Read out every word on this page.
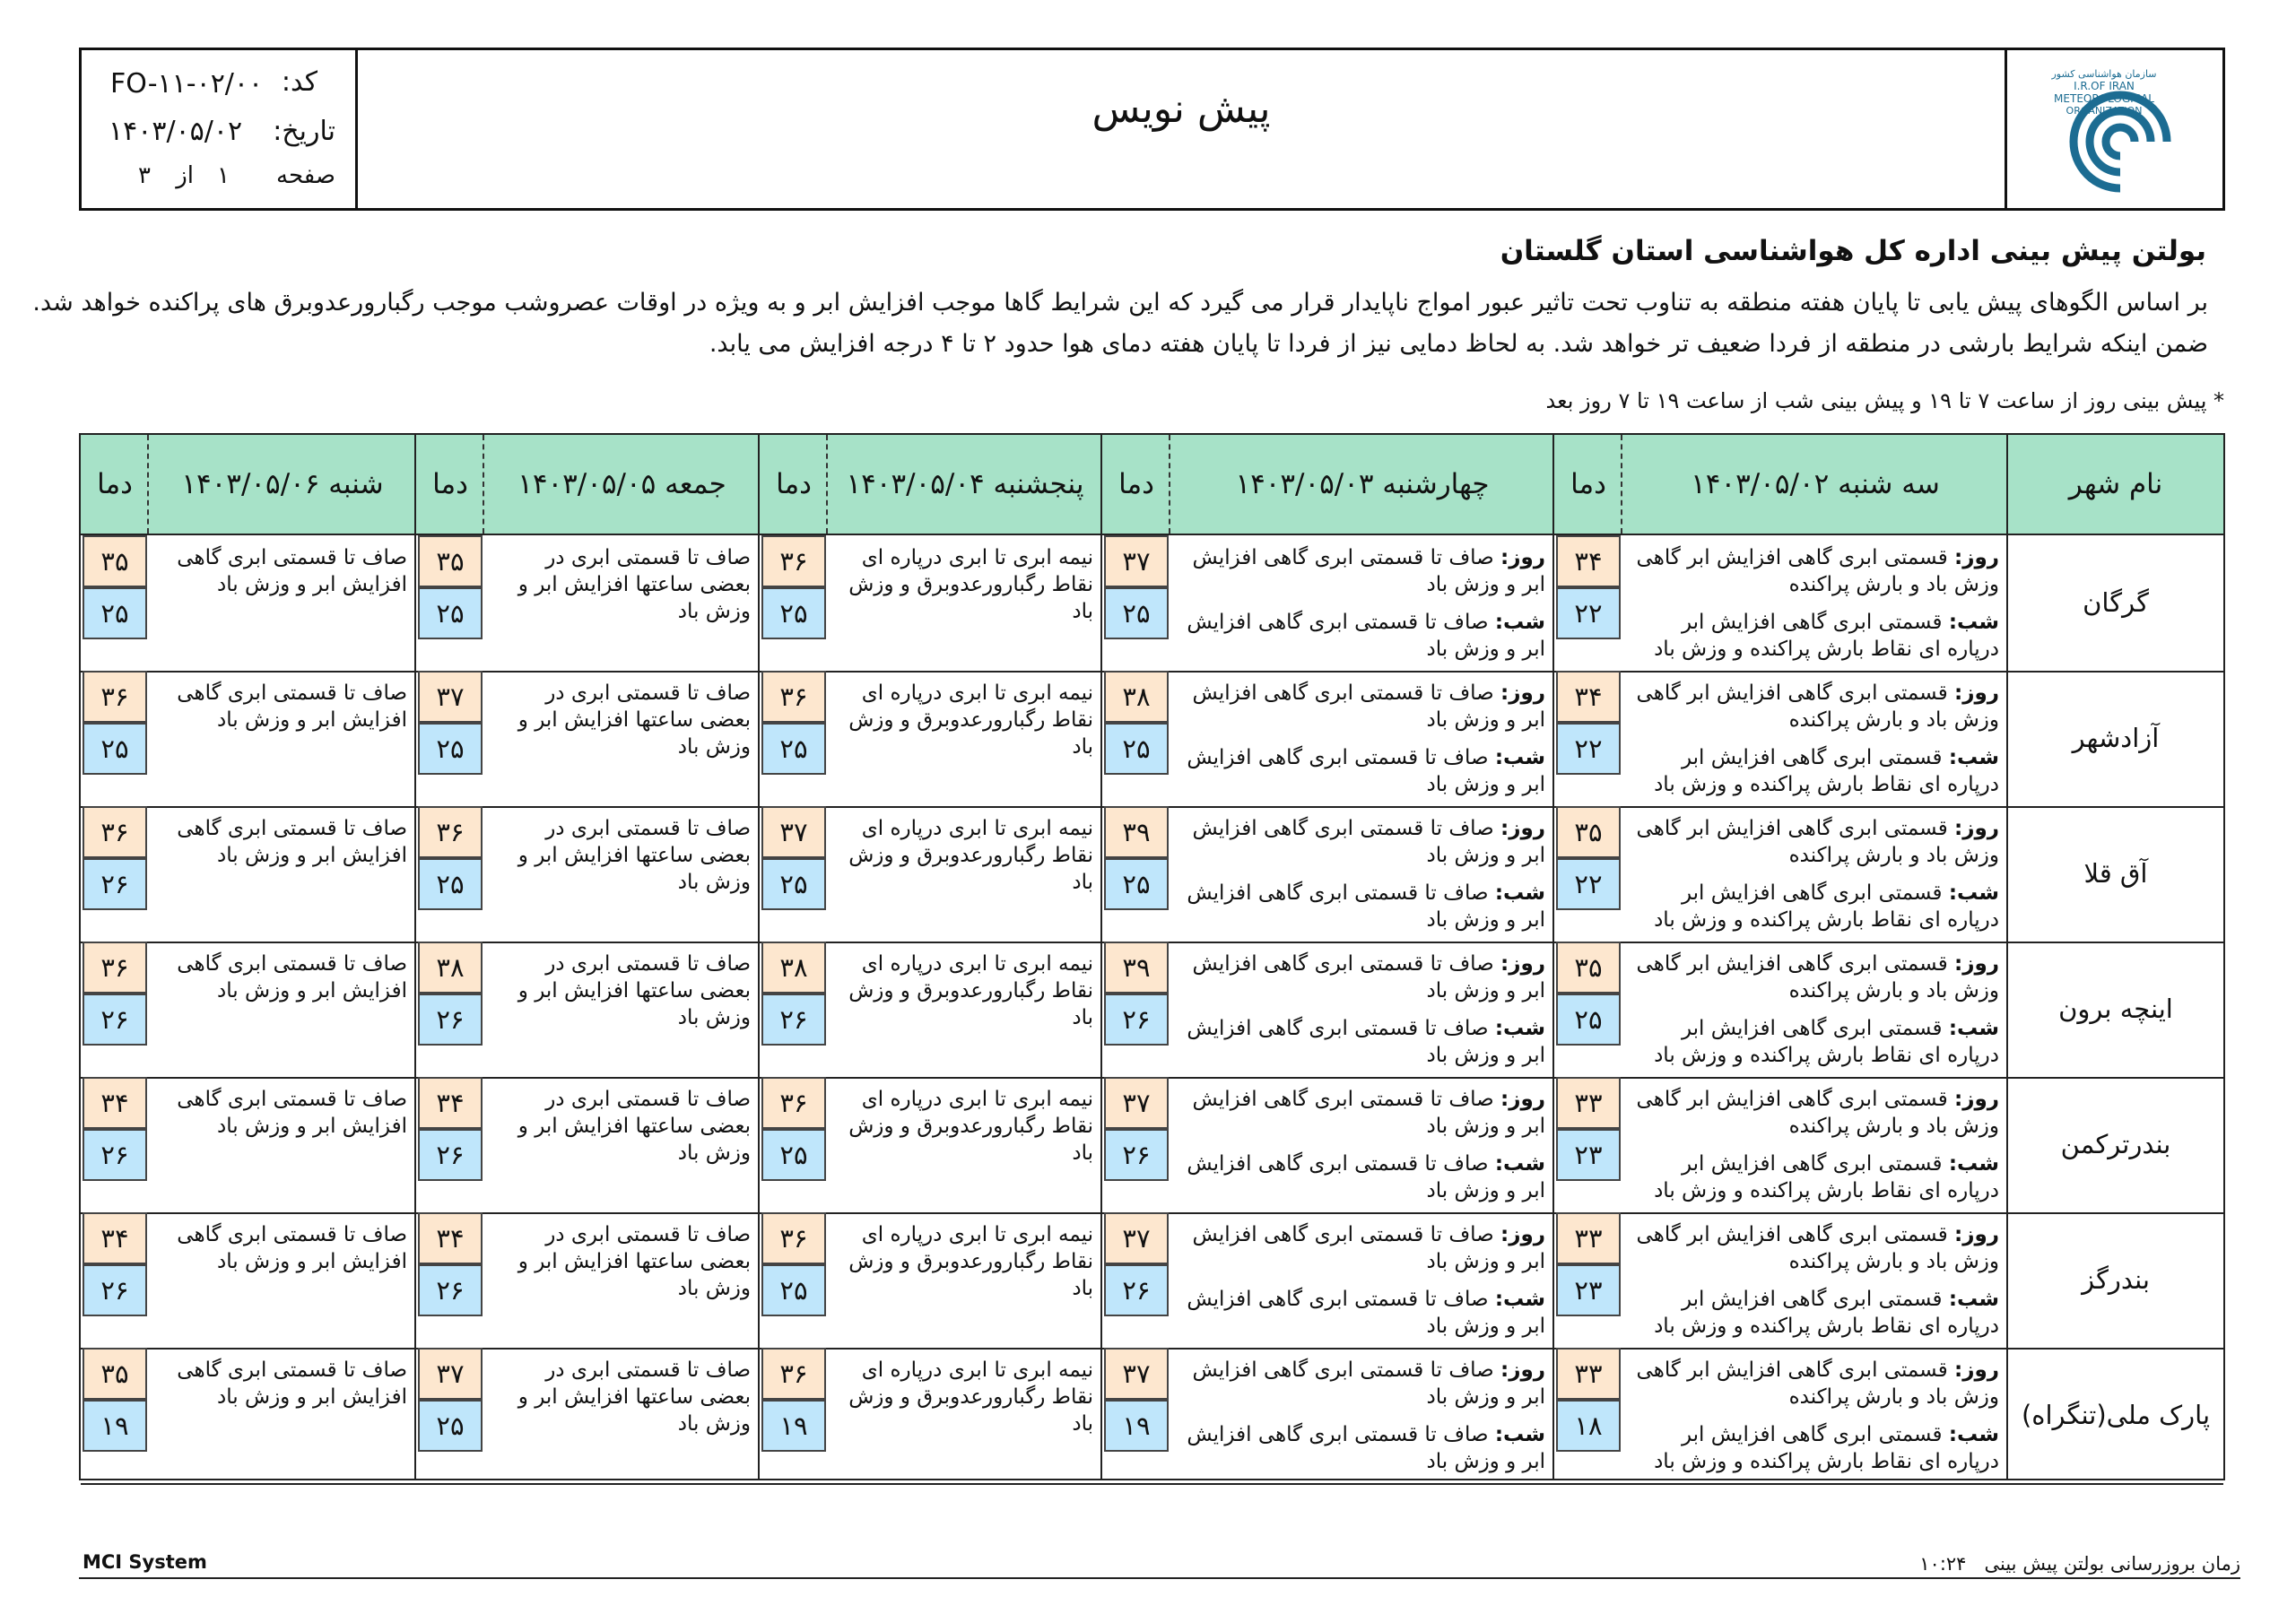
سازمان هواشناسی کشور
I.R.OF IRAN
METEOROLOGICAL
ORGANIZATION
پیش نویس
کد:
FO-۱۱-۰۲/۰۰
تاریخ:
۱۴۰۳/۰۵/۰۲
صفحه
۱
از
۳
بولتن پیش بینی اداره کل هواشناسی استان گلستان
بر اساس الگوهای پیش یابی تا پایان هفته منطقه به تناوب تحت تاثیر عبور امواج ناپایدار قرار می گیرد که این شرایط گاها موجب افزایش ابر و به ویژه در اوقات عصروشب موجب رگبارورعدوبرق های پراکنده خواهد شد.
ضمن اینکه شرایط بارشی در منطقه از فردا ضعیف تر خواهد شد. به لحاظ دمایی نیز از فردا تا پایان هفته دمای هوا حدود ۲ تا ۴ درجه افزایش می یابد.
* پیش بینی روز از ساعت ۷ تا ۱۹ و پیش بینی شب از ساعت ۱۹ تا ۷ روز بعد
نام شهر
سه شنبه ۱۴۰۳/۰۵/۰۲
دما
چهارشنبه ۱۴۰۳/۰۵/۰۳
دما
پنجشنبه ۱۴۰۳/۰۵/۰۴
دما
جمعه ۱۴۰۳/۰۵/۰۵
دما
شنبه ۱۴۰۳/۰۵/۰۶
دما
گرگان
روز: قسمتی ابری گاهی افزایش ابر گاهی وزش باد و بارش پراکنده
شب: قسمتی ابری گاهی افزایش ابر درپاره ای نقاط بارش پراکنده و وزش باد
روز: صاف تا قسمتی ابری گاهی افزایش ابر و وزش باد
شب: صاف تا قسمتی ابری گاهی افزایش ابر و وزش باد
نیمه ابری تا ابری درپاره ای نقاط رگبارورعدوبرق و وزش باد
صاف تا قسمتی ابری در بعضی ساعتها افزایش ابر و وزش باد
صاف تا قسمتی ابری گاهی افزایش ابر و وزش باد
۳۴
۲۲
۳۷
۲۵
۳۶
۲۵
۳۵
۲۵
۳۵
۲۵
آزادشهر
روز: قسمتی ابری گاهی افزایش ابر گاهی وزش باد و بارش پراکنده
شب: قسمتی ابری گاهی افزایش ابر درپاره ای نقاط بارش پراکنده و وزش باد
روز: صاف تا قسمتی ابری گاهی افزایش ابر و وزش باد
شب: صاف تا قسمتی ابری گاهی افزایش ابر و وزش باد
نیمه ابری تا ابری درپاره ای نقاط رگبارورعدوبرق و وزش باد
صاف تا قسمتی ابری در بعضی ساعتها افزایش ابر و وزش باد
صاف تا قسمتی ابری گاهی افزایش ابر و وزش باد
۳۴
۲۲
۳۸
۲۵
۳۶
۲۵
۳۷
۲۵
۳۶
۲۵
آق قلا
روز: قسمتی ابری گاهی افزایش ابر گاهی وزش باد و بارش پراکنده
شب: قسمتی ابری گاهی افزایش ابر درپاره ای نقاط بارش پراکنده و وزش باد
روز: صاف تا قسمتی ابری گاهی افزایش ابر و وزش باد
شب: صاف تا قسمتی ابری گاهی افزایش ابر و وزش باد
نیمه ابری تا ابری درپاره ای نقاط رگبارورعدوبرق و وزش باد
صاف تا قسمتی ابری در بعضی ساعتها افزایش ابر و وزش باد
صاف تا قسمتی ابری گاهی افزایش ابر و وزش باد
۳۵
۲۲
۳۹
۲۵
۳۷
۲۵
۳۶
۲۵
۳۶
۲۶
اینچه برون
روز: قسمتی ابری گاهی افزایش ابر گاهی وزش باد و بارش پراکنده
شب: قسمتی ابری گاهی افزایش ابر درپاره ای نقاط بارش پراکنده و وزش باد
روز: صاف تا قسمتی ابری گاهی افزایش ابر و وزش باد
شب: صاف تا قسمتی ابری گاهی افزایش ابر و وزش باد
نیمه ابری تا ابری درپاره ای نقاط رگبارورعدوبرق و وزش باد
صاف تا قسمتی ابری در بعضی ساعتها افزایش ابر و وزش باد
صاف تا قسمتی ابری گاهی افزایش ابر و وزش باد
۳۵
۲۵
۳۹
۲۶
۳۸
۲۶
۳۸
۲۶
۳۶
۲۶
بندرترکمن
روز: قسمتی ابری گاهی افزایش ابر گاهی وزش باد و بارش پراکنده
شب: قسمتی ابری گاهی افزایش ابر درپاره ای نقاط بارش پراکنده و وزش باد
روز: صاف تا قسمتی ابری گاهی افزایش ابر و وزش باد
شب: صاف تا قسمتی ابری گاهی افزایش ابر و وزش باد
نیمه ابری تا ابری درپاره ای نقاط رگبارورعدوبرق و وزش باد
صاف تا قسمتی ابری در بعضی ساعتها افزایش ابر و وزش باد
صاف تا قسمتی ابری گاهی افزایش ابر و وزش باد
۳۳
۲۳
۳۷
۲۶
۳۶
۲۵
۳۴
۲۶
۳۴
۲۶
بندرگز
روز: قسمتی ابری گاهی افزایش ابر گاهی وزش باد و بارش پراکنده
شب: قسمتی ابری گاهی افزایش ابر درپاره ای نقاط بارش پراکنده و وزش باد
روز: صاف تا قسمتی ابری گاهی افزایش ابر و وزش باد
شب: صاف تا قسمتی ابری گاهی افزایش ابر و وزش باد
نیمه ابری تا ابری درپاره ای نقاط رگبارورعدوبرق و وزش باد
صاف تا قسمتی ابری در بعضی ساعتها افزایش ابر و وزش باد
صاف تا قسمتی ابری گاهی افزایش ابر و وزش باد
۳۳
۲۳
۳۷
۲۶
۳۶
۲۵
۳۴
۲۶
۳۴
۲۶
پارک ملی(تنگراه)
روز: قسمتی ابری گاهی افزایش ابر گاهی وزش باد و بارش پراکنده
شب: قسمتی ابری گاهی افزایش ابر درپاره ای نقاط بارش پراکنده و وزش باد
روز: صاف تا قسمتی ابری گاهی افزایش ابر و وزش باد
شب: صاف تا قسمتی ابری گاهی افزایش ابر و وزش باد
نیمه ابری تا ابری درپاره ای نقاط رگبارورعدوبرق و وزش باد
صاف تا قسمتی ابری در بعضی ساعتها افزایش ابر و وزش باد
صاف تا قسمتی ابری گاهی افزایش ابر و وزش باد
۳۳
۱۸
۳۷
۱۹
۳۶
۱۹
۳۷
۲۵
۳۵
۱۹
MCI System	زمان بروزرسانی بولتن پیش بینی   ۱۰:۲۴
